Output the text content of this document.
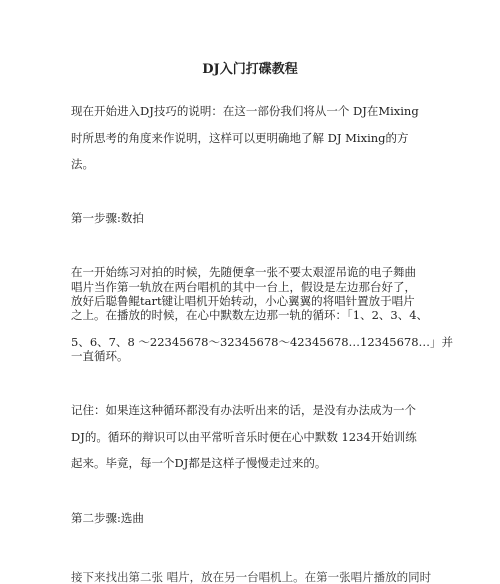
DJ入门打碟教程

现在开始进入DJ技巧的说明：在这一部份我们将从一个 DJ在Mixing

时所思考的角度来作说明，这样可以更明确地了解 DJ Mixing的方

法。

第一步骤:数拍

在一开始练习对拍的时候，先随便拿一张不要太艰涩吊诡的电子舞曲

唱片当作第一轨放在两台唱机的其中一台上，假设是左边那台好了，

放好后聪鲁鲲tart键让唱机开始转动，小心翼翼的将唱针置放于唱片

之上。在播放的时候，在心中默数左边那一轨的循环：「1、2、3、4、

5、6、7、8 ～22345678～32345678～42345678…12345678…」并

一直循环。

记住：如果连这种循环都没有办法听出来的话，是没有办法成为一个

DJ的。循环的辩识可以由平常听音乐时便在心中默数 1234开始训练

起来。毕竟，每一个DJ都是这样子慢慢走过来的。

第二步骤:选曲

接下来找出第二张 唱片，放在另一台唱机上。在第一张唱片播放的同时
